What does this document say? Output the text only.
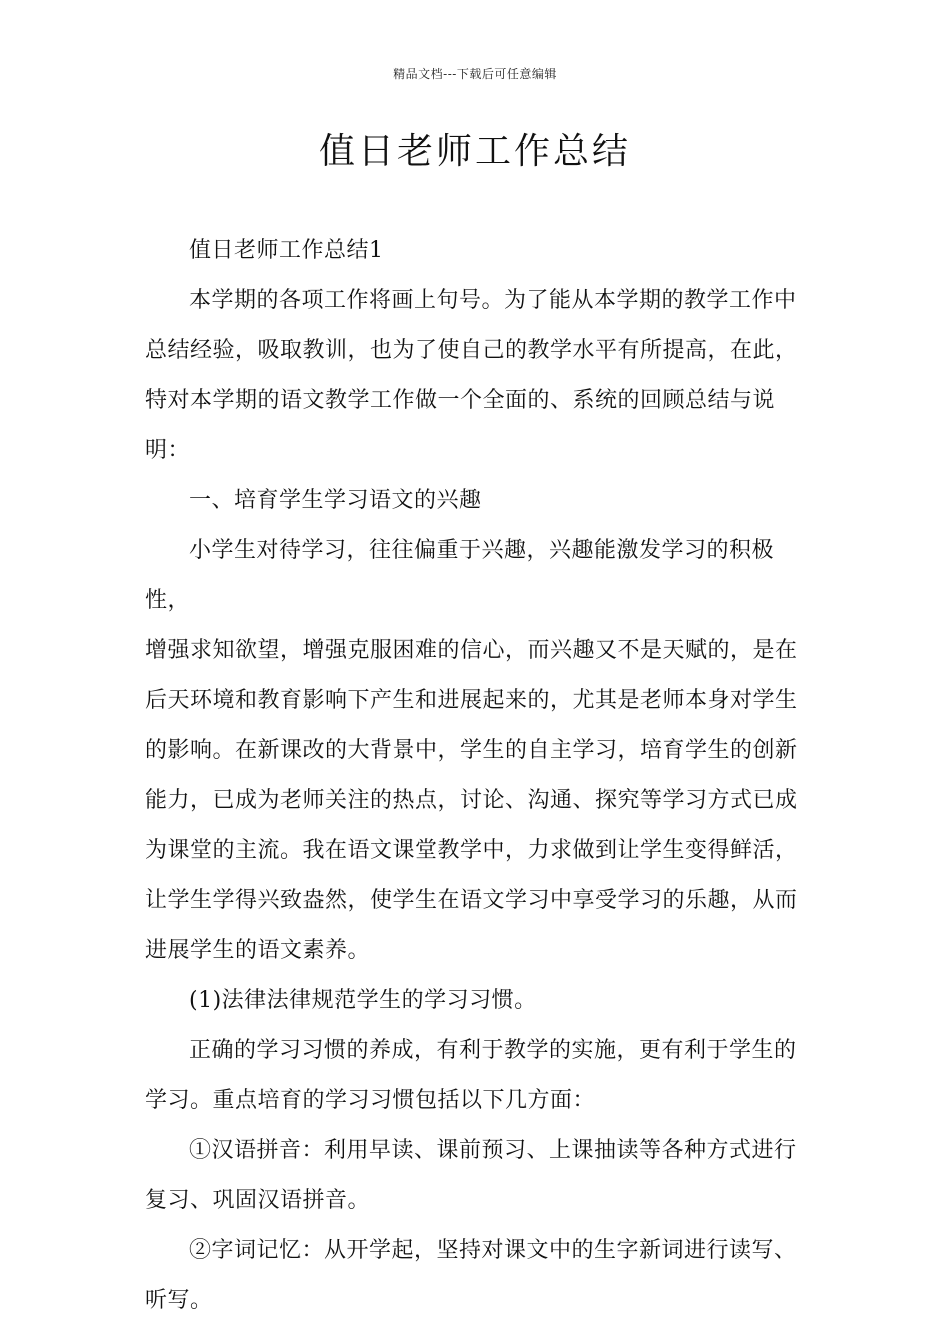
精品文档---下载后可任意编辑
值日老师工作总结

值日老师工作总结1

本学期的各项工作将画上句号。为了能从本学期的教学工作中

总结经验，吸取教训，也为了使自己的教学水平有所提高，在此，

特对本学期的语文教学工作做一个全面的、系统的回顾总结与说明：

一、培育学生学习语文的兴趣

小学生对待学习，往往偏重于兴趣，兴趣能激发学习的积极性，

增强求知欲望，增强克服困难的信心，而兴趣又不是天赋的，是在

后天环境和教育影响下产生和进展起来的，尤其是老师本身对学生

的影响。在新课改的大背景中，学生的自主学习，培育学生的创新

能力，已成为老师关注的热点，讨论、沟通、探究等学习方式已成

为课堂的主流。我在语文课堂教学中，力求做到让学生变得鲜活，

让学生学得兴致盎然，使学生在语文学习中享受学习的乐趣，从而

进展学生的语文素养。

(1)法律法律规范学生的学习习惯。

正确的学习习惯的养成，有利于教学的实施，更有利于学生的

学习。重点培育的学习习惯包括以下几方面：

①汉语拼音：利用早读、课前预习、上课抽读等各种方式进行

复习、巩固汉语拼音。

②字词记忆：从开学起，坚持对课文中的生字新词进行读写、

听写。
